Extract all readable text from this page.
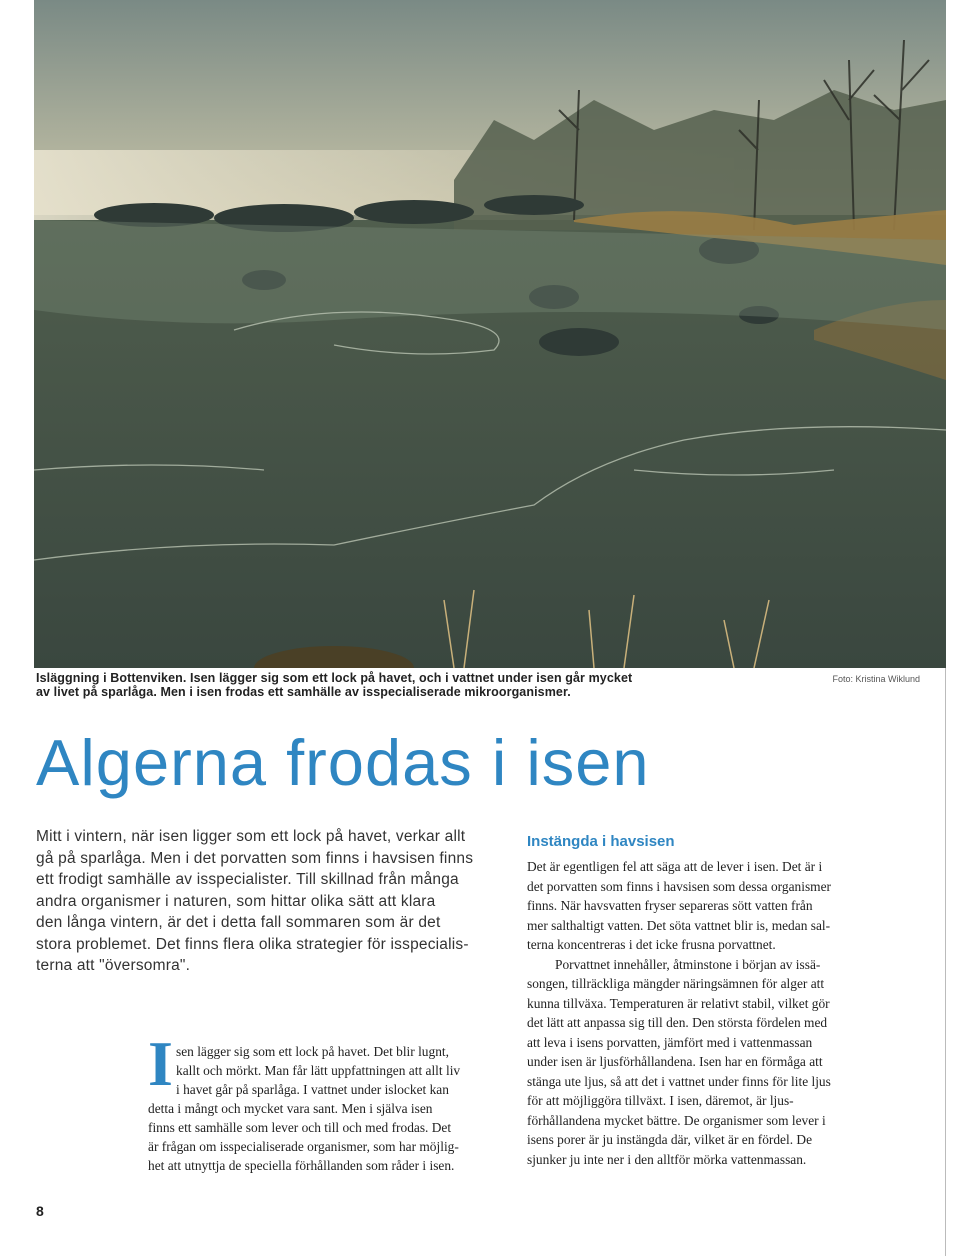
Isläggning i Bottenviken. Isen lägger sig som ett lock på havet, och i vattnet under isen går mycket
av livet på sparlåga. Men i isen frodas ett samhälle av isspecialiserade mikroorganismer.
Foto: Kristina Wiklund
Algerna frodas i isen
Mitt i vintern, när isen ligger som ett lock på havet, verkar allt
gå på sparlåga. Men i det porvatten som finns i havsisen finns
ett frodigt samhälle av isspecialister. Till skillnad från många
andra organismer i naturen, som hittar olika sätt att klara
den långa vintern, är det i detta fall sommaren som är det
stora problemet. Det finns flera olika strategier för isspecialis-
terna att "översomra".
I sen lägger sig som ett lock på havet. Det blir lugnt,
kallt och mörkt. Man får lätt uppfattningen att allt liv
i havet går på sparlåga. I vattnet under islocket kan
detta i mångt och mycket vara sant. Men i själva isen
finns ett samhälle som lever och till och med frodas. Det
är frågan om isspecialiserade organismer, som har möjlig-
het att utnyttja de speciella förhållanden som råder i isen.
Instängda i havsisen
Det är egentligen fel att säga att de lever i isen. Det är i
det porvatten som finns i havsisen som dessa organismer
finns. När havsvatten fryser separeras sött vatten från
mer salthaltigt vatten. Det söta vattnet blir is, medan sal-
terna koncentreras i det icke frusna porvattnet.
Porvattnet innehåller, åtminstone i början av issä-
songen, tillräckliga mängder näringsämnen för alger att
kunna tillväxa. Temperaturen är relativt stabil, vilket gör
det lätt att anpassa sig till den. Den största fördelen med
att leva i isens porvatten, jämfört med i vattenmassan
under isen är ljusförhållandena. Isen har en förmåga att
stänga ute ljus, så att det i vattnet under finns för lite ljus
för att möjliggöra tillväxt. I isen, däremot, är ljus-
förhållandena mycket bättre. De organismer som lever i
isens porer är ju instängda där, vilket är en fördel. De
sjunker ju inte ner i den alltför mörka vattenmassan.
8
